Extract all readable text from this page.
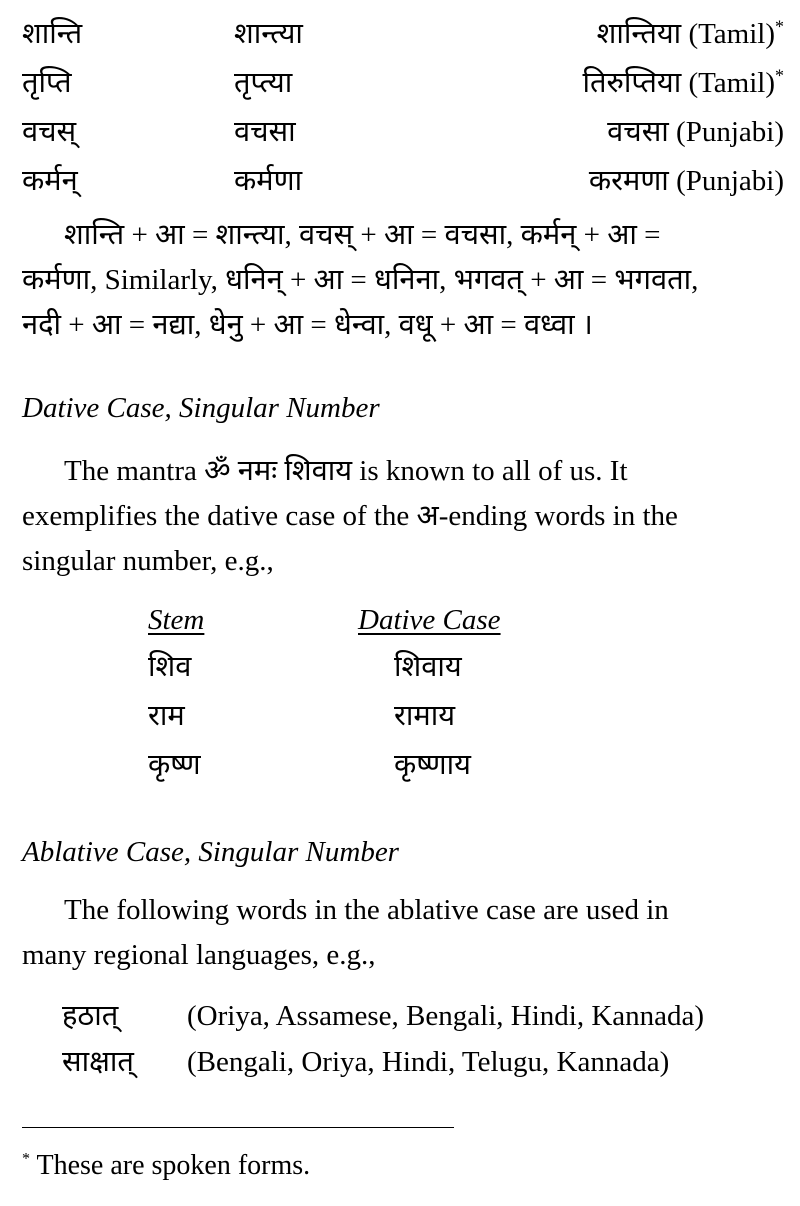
शान्ति	शान्त्या	शान्तिया (Tamil)*
तृप्ति	तृप्त्या	तिरुप्तिया (Tamil)*
वचस्	वचसा	वचसा (Punjabi)
कर्मन्	कर्मणा	करमणा (Punjabi)
शान्ति + आ = शान्त्या, वचस् + आ = वचसा, कर्मन् + आ =
कर्मणा, Similarly, धनिन् + आ = धनिना, भगवत् + आ = भगवता,
नदी + आ = नद्या, धेनु + आ = धेन्वा, वधू + आ = वध्वा ।
Dative Case, Singular Number
The mantra ॐ नमः शिवाय is known to all of us. It
exemplifies the dative case of the अ-ending words in the
singular number, e.g.,
Stem	Dative Case
शिव	शिवाय
राम	रामाय
कृष्ण	कृष्णाय
Ablative Case, Singular Number
The following words in the ablative case are used in
many regional languages, e.g.,
हठात् (Oriya, Assamese, Bengali, Hindi, Kannada)
साक्षात् (Bengali, Oriya, Hindi, Telugu, Kannada)
* These are spoken forms.
